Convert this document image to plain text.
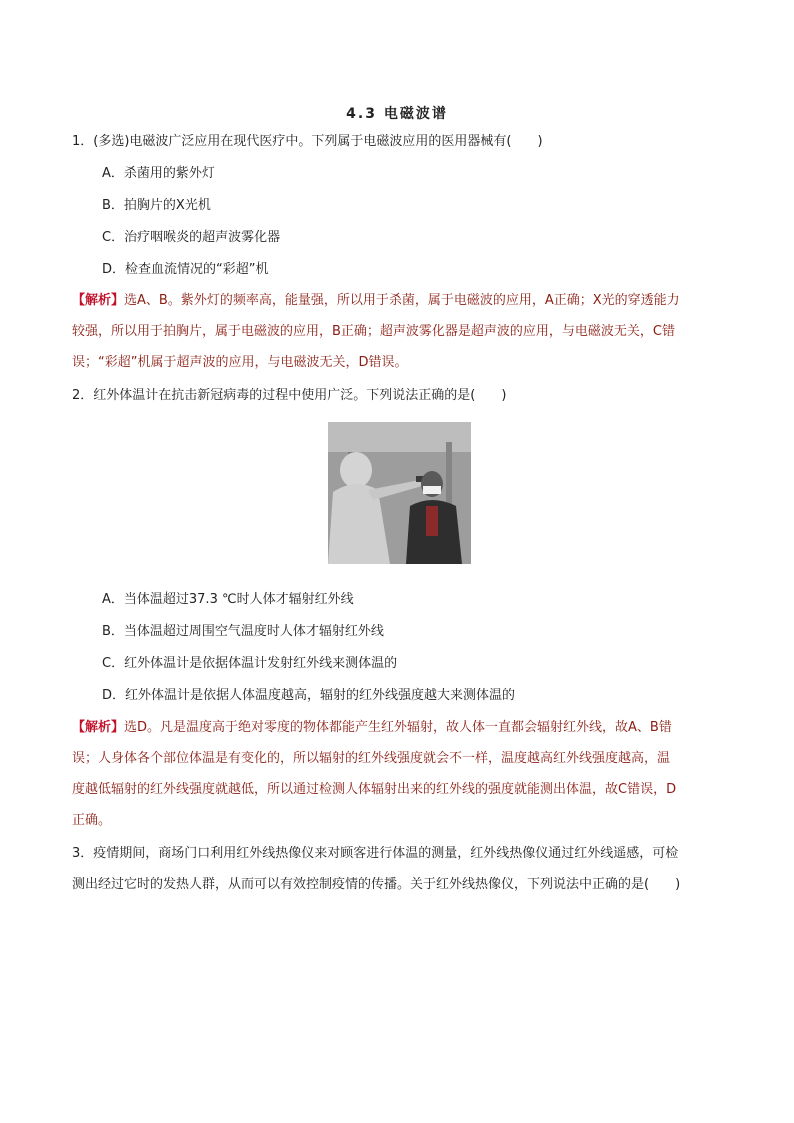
4.3 电磁波谱
1．(多选)电磁波广泛应用在现代医疗中。下列属于电磁波应用的医用器械有(　　)
A．杀菌用的紫外灯
B．拍胸片的X光机
C．治疗咽喉炎的超声波雾化器
D．检查血流情况的“彩超”机
【解析】选A、B。紫外灯的频率高，能量强，所以用于杀菌，属于电磁波的应用，A正确；X光的穿透能力
较强，所以用于拍胸片，属于电磁波的应用，B正确；超声波雾化器是超声波的应用，与电磁波无关，C错
误；“彩超”机属于超声波的应用，与电磁波无关，D错误。
2．红外体温计在抗击新冠病毒的过程中使用广泛。下列说法正确的是(　　)
A．当体温超过37.3 ℃时人体才辐射红外线
B．当体温超过周围空气温度时人体才辐射红外线
C．红外体温计是依据体温计发射红外线来测体温的
D．红外体温计是依据人体温度越高，辐射的红外线强度越大来测体温的
【解析】选D。凡是温度高于绝对零度的物体都能产生红外辐射，故人体一直都会辐射红外线，故A、B错
误；人身体各个部位体温是有变化的，所以辐射的红外线强度就会不一样，温度越高红外线强度越高，温
度越低辐射的红外线强度就越低，所以通过检测人体辐射出来的红外线的强度就能测出体温，故C错误，D
正确。
3．疫情期间，商场门口利用红外线热像仪来对顾客进行体温的测量，红外线热像仪通过红外线遥感，可检
测出经过它时的发热人群，从而可以有效控制疫情的传播。关于红外线热像仪，下列说法中正确的是(　　)
